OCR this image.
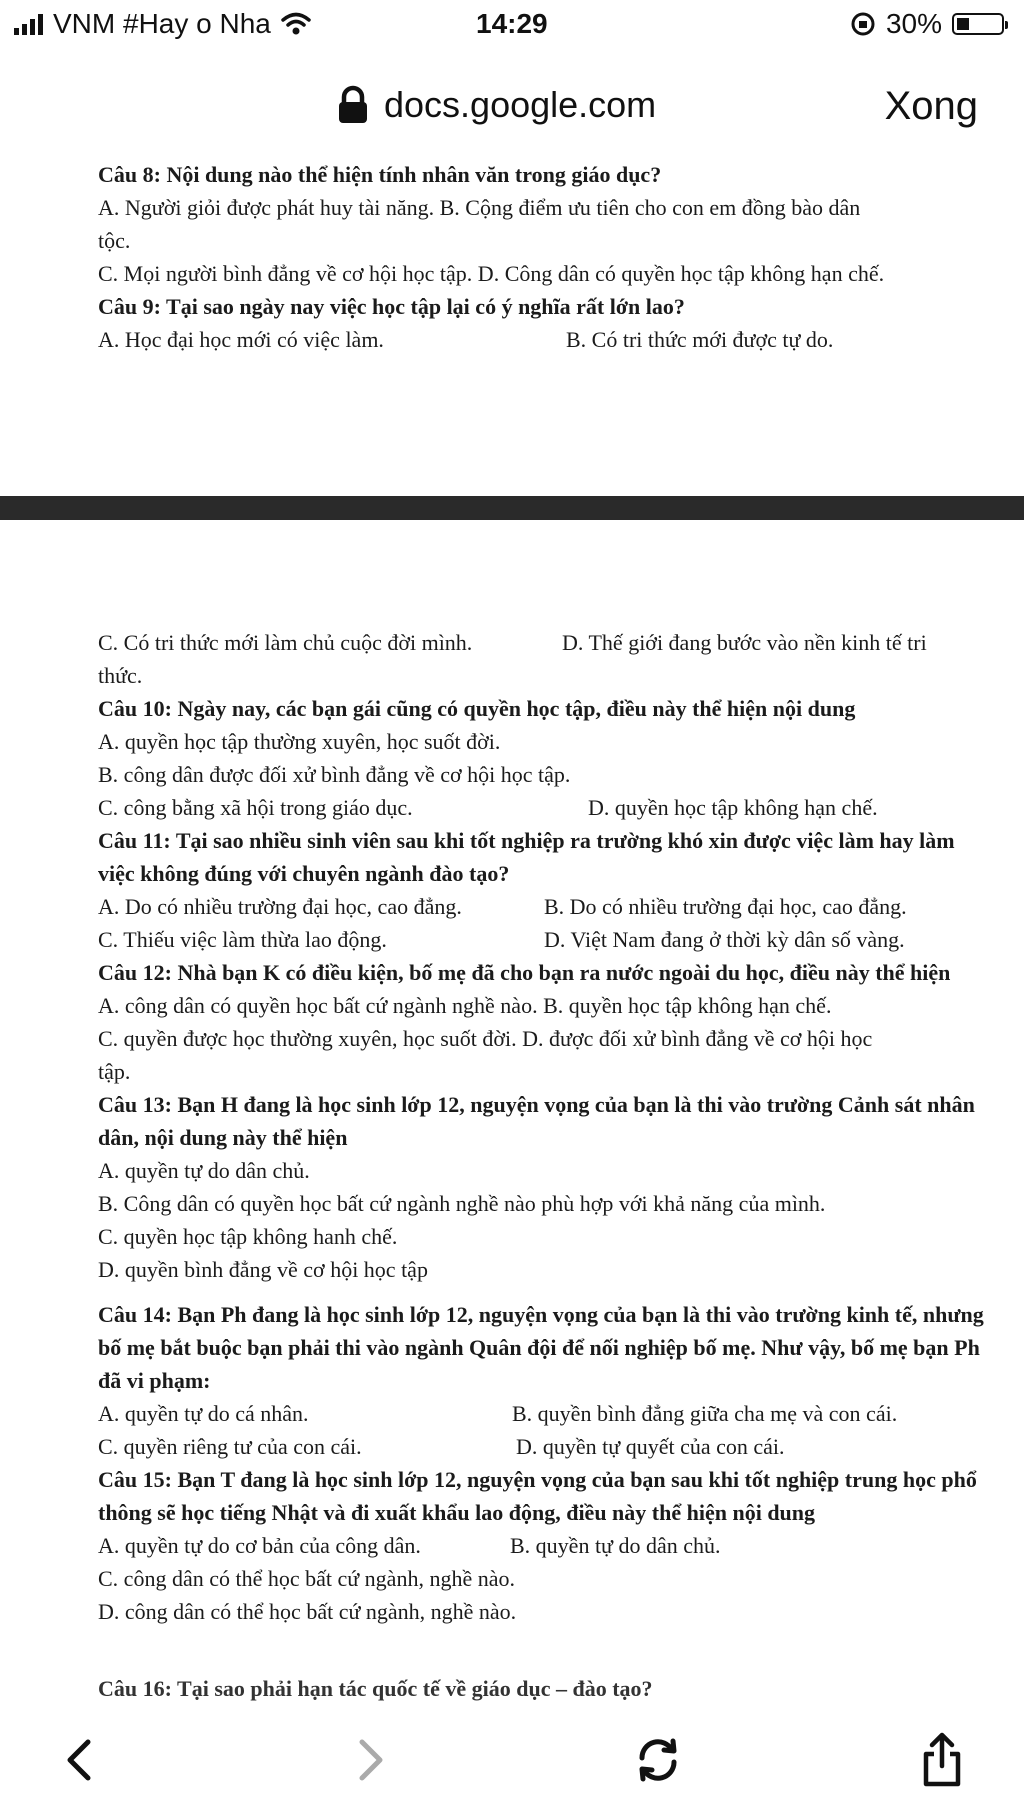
VNM #Hay o Nha	14:29	30%
docs.google.com	Xong

Câu 8: Nội dung nào thể hiện tính nhân văn trong giáo dục?

A. Người giỏi được phát huy tài năng. B. Cộng điểm ưu tiên cho con em đồng bào dân

tộc.

C. Mọi người bình đẳng về cơ hội học tập. D. Công dân có quyền học tập không hạn chế.

Câu 9: Tại sao ngày nay việc học tập lại có ý nghĩa rất lớn lao?

A. Học đại học mới có việc làm.	B. Có tri thức mới được tự do.
C. Có tri thức mới làm chủ cuộc đời mình.	D. Thế giới đang bước vào nền kinh tế tri

thức.

Câu 10: Ngày nay, các bạn gái cũng có quyền học tập, điều này thể hiện nội dung

A. quyền học tập thường xuyên, học suốt đời.

B. công dân được đối xử bình đẳng về cơ hội học tập.

C. công bằng xã hội trong giáo dục.	D. quyền học tập không hạn chế.

Câu 11: Tại sao nhiều sinh viên sau khi tốt nghiệp ra trường khó xin được việc làm hay làm việc không đúng với chuyên ngành đào tạo?

A. Do có nhiều trường đại học, cao đẳng.	B. Do có nhiều trường đại học, cao đẳng.
C. Thiếu việc làm thừa lao động.	D. Việt Nam đang ở thời kỳ dân số vàng.

Câu 12: Nhà bạn K có điều kiện, bố mẹ đã cho bạn ra nước ngoài du học, điều này thể hiện

A. công dân có quyền học bất cứ ngành nghề nào. B. quyền học tập không hạn chế.

C. quyền được học thường xuyên, học suốt đời. D. được đối xử bình đẳng về cơ hội học

tập.

Câu 13: Bạn H đang là học sinh lớp 12, nguyện vọng của bạn là thi vào trường Cảnh sát nhân dân, nội dung này thể hiện

A. quyền tự do dân chủ.

B. Công dân có quyền học bất cứ ngành nghề nào phù hợp với khả năng của mình.

C. quyền học tập không hanh chế.

D. quyền bình đẳng về cơ hội học tập

Câu 14: Bạn Ph đang là học sinh lớp 12, nguyện vọng của bạn là thi vào trường kinh tế, nhưng bố mẹ bắt buộc bạn phải thi vào ngành Quân đội để nối nghiệp bố mẹ. Như vậy, bố mẹ bạn Ph đã vi phạm:

A. quyền tự do cá nhân.	B. quyền bình đẳng giữa cha mẹ và con cái.
C. quyền riêng tư của con cái.	D. quyền tự quyết của con cái.

Câu 15: Bạn T đang là học sinh lớp 12, nguyện vọng của bạn sau khi tốt nghiệp trung học phổ thông sẽ học tiếng Nhật và đi xuất khẩu lao động, điều này thể hiện nội dung

A. quyền tự do cơ bản của công dân.	B. quyền tự do dân chủ.

C. công dân có thể học bất cứ ngành, nghề nào.

D. công dân có thể học bất cứ ngành, nghề nào.

Câu 16: Tại sao phải hạn tác quốc tế về giáo dục – đào tạo?
